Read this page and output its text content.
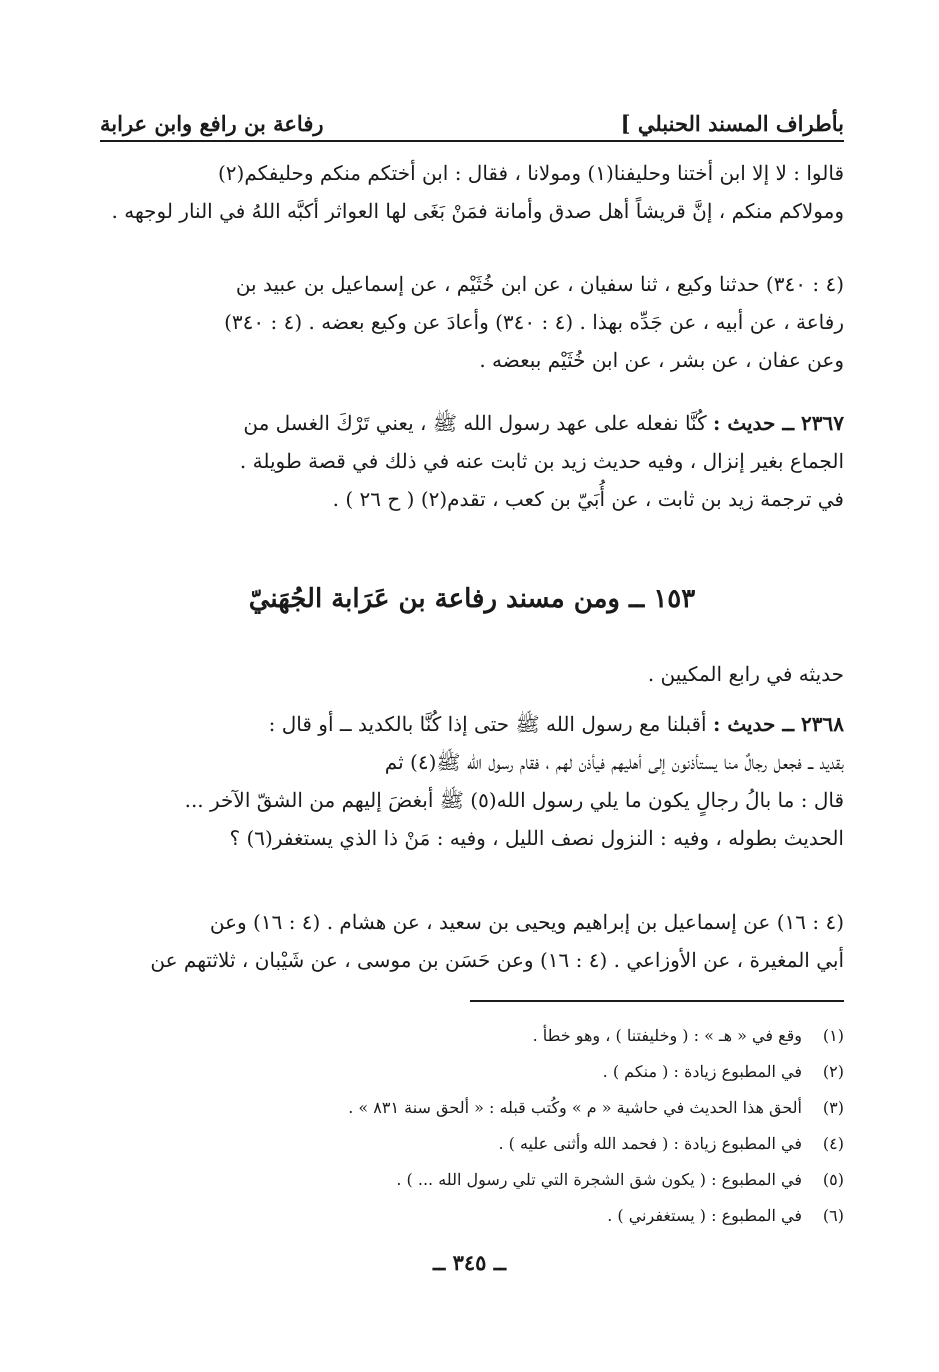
بأطراف المسند الحنبلي ]
رفاعة بن رافع وابن عرابة

قالوا : لا إلا ابن أختنا وحليفنا(١) ومولانا ، فقال : ابن أختكم منكم وحليفكم(٢)

ومولاكم منكم ، إنَّ قريشاً أهل صدق وأمانة فمَنْ بَغَى لها العواثر أكبَّه اللهُ في النار لوجهه .

(٤ : ٣٤٠) حدثنا وكيع ، ثنا سفيان ، عن ابن خُثَيْم ، عن إسماعيل بن عبيد بن

رفاعة ، عن أبيه ، عن جَدِّه بهذا . (٤ : ٣٤٠) وأعادَ عن وكيع بعضه . (٤ : ٣٤٠)

وعن عفان ، عن بشر ، عن ابن خُثَيْم ببعضه .

٢٣٦٧ ــ حديث : كُنَّا نفعله على عهد رسول الله ﷺ ، يعني تَرْكَ الغسل من

الجماع بغير إنزال ، وفيه حديث زيد بن ثابت عنه في ذلك في قصة طويلة .

في ترجمة زيد بن ثابت ، عن أُبَيّ بن كعب ، تقدم(٢) ( ح ٢٦ ) .

١٥٣ ــ ومن مسند رفاعة بن عَرَابة الجُهَنيّ

حديثه في رابع المكيين .

٢٣٦٨ ــ حديث : أقبلنا مع رسول الله ﷺ حتى إذا كُنَّا بالكديد ــ أو قال :

بقديد ــ فجعل رجالٌ منا يستأذنون إلى أهليهم فيأذن لهم ، فقام رسول الله ﷺ(٤) ثم

قال : ما بالُ رجالٍ يكون ما يلي رسول الله(٥) ﷺ أبغضَ إليهم من الشقّ الآخر ...

الحديث بطوله ، وفيه : النزول نصف الليل ، وفيه : مَنْ ذا الذي يستغفر(٦) ؟

(٤ : ١٦) عن إسماعيل بن إبراهيم ويحيى بن سعيد ، عن هشام . (٤ : ١٦) وعن

أبي المغيرة ، عن الأوزاعي . (٤ : ١٦) وعن حَسَن بن موسى ، عن شَيْبان ، ثلاثتهم عن

(١)
وقع في « هـ » : ( وخليفتنا ) ، وهو خطأ .
(٢)
في المطبوع زيادة : ( منكم ) .
(٣)
ألحق هذا الحديث في حاشية « م » وكُتب قبله : « ألحق سنة ٨٣١ » .
(٤)
في المطبوع زيادة : ( فحمد الله وأثنى عليه ) .
(٥)
في المطبوع : ( يكون شق الشجرة التي تلي رسول الله ... ) .
(٦)
في المطبوع : ( يستغفرني ) .
ــ ٣٤٥ ــ
